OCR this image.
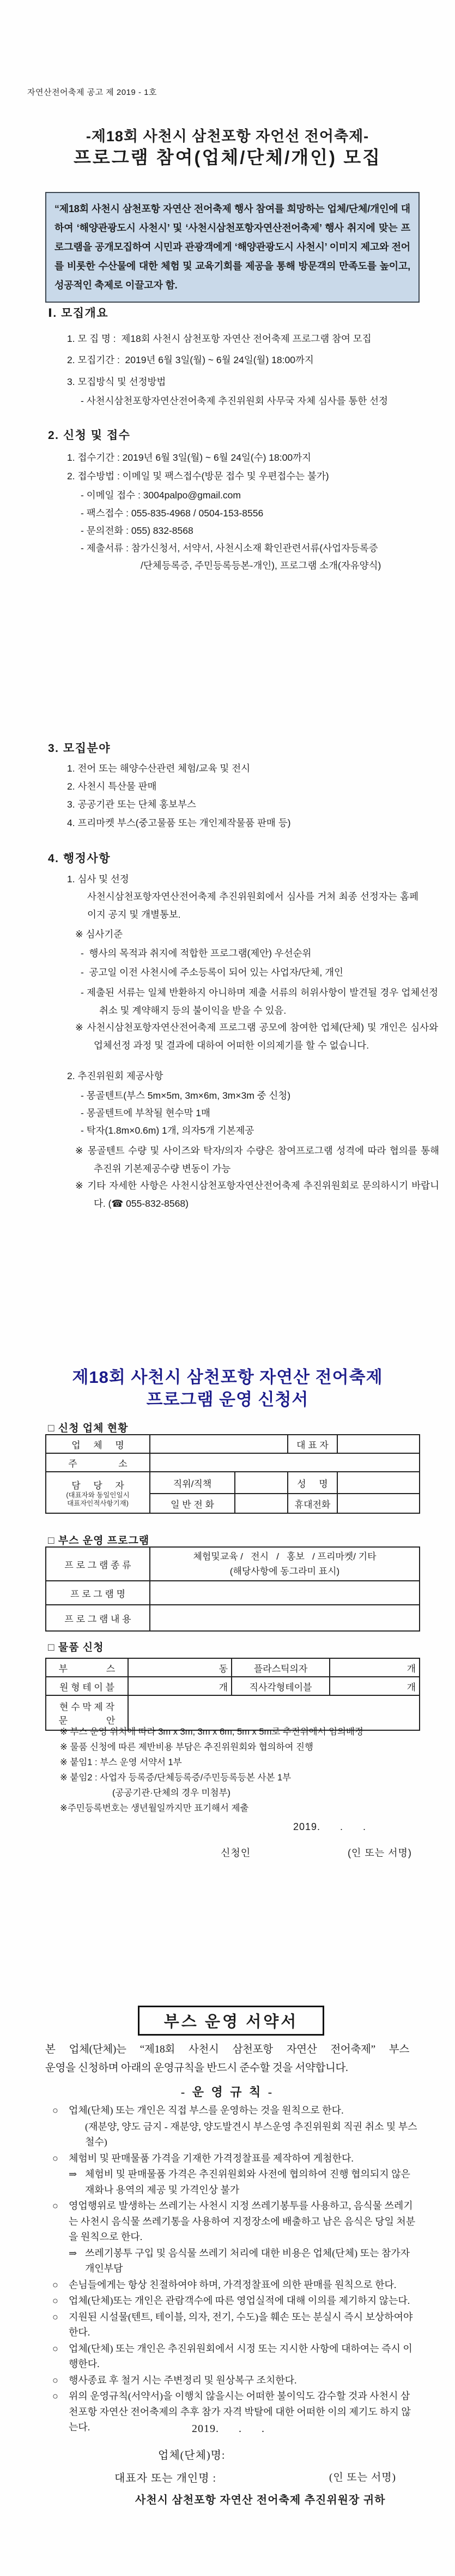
자연산전어축제 공고 제 2019 - 1호
-제18회 사천시 삼천포항 자언선 전어축제-
프로그램 참여(업체/단체/개인) 모집
“제18회 사천시 삼천포항 자연산 전어축제 행사 참여를 희망하는 업체/단체/개인에 대하여 ‘해양관광도시 사천시’ 및 ‘사천시삼천포항자연산전어축제’ 행사 취지에 맞는 프로그램을 공개모집하여 시민과 관광객에게 ‘해양관광도시 사천시’ 이미지 제고와 전어를 비롯한 수산물에 대한 체험 및 교육기회를 제공을 통해 방문객의 만족도를 높이고, 성공적인 축제로 이끌고자 함.
Ⅰ. 모집개요
1. 모 집 명 :  제18회 사천시 삼천포항 자연산 전어축제 프로그램 참여 모집
2. 모집기간 :  2019년 6월 3일(월) ~ 6월 24일(월) 18:00까지
3. 모집방식 및 선정방법
- 사천시삼천포항자연산전어축제 추진위원회 사무국 자체 심사를 통한 선정
2. 신청 및 접수
1. 접수기간 : 2019년 6월 3일(월) ~ 6월 24일(수) 18:00까지
2. 접수방법 : 이메일 및 팩스접수(방문 접수 및 우편접수는 불가)
- 이메일 접수 : 3004palpo@gmail.com
- 팩스접수 : 055-835-4968 / 0504-153-8556
- 문의전화 : 055) 832-8568
- 제출서류 : 참가신청서, 서약서, 사천시소재 확인관련서류(사업자등록증
/단체등록증, 주민등록등본-개인), 프로그램 소개(자유양식)
3. 모집분야
1. 전어 또는 해양수산관련 체험/교육 및 전시
2. 사천시 특산물 판매
3. 공공기관 또는 단체 홍보부스
4. 프리마켓 부스(중고물품 또는 개인제작물품 판매 등)
4. 행정사항
1. 심사 및 선정
사천시삼천포항자연산전어축제 추진위원회에서 심사를 거쳐 최종 선정자는 홈페이지 공지 및 개별통보.
※ 심사기준
-  행사의 목적과 취지에 적합한 프로그램(제안) 우선순위
-  공고일 이전 사천시에 주소등록이 되어 있는 사업자/단체, 개인
- 제출된 서류는 일체 반환하지 아니하며 제출 서류의 허위사항이 발견될 경우 업체선정 취소 및 계약해지 등의 불이익을 받을 수 있음.
※ 사천시삼천포항자연산전어축제 프로그램 공모에 참여한 업체(단체) 및 개인은 심사와 업체선정 과정 및 결과에 대하여 어떠한 이의제기를 할 수 없습니다.
2. 추진위원회 제공사항
- 몽골텐트(부스 5m×5m, 3m×6m, 3m×3m 중 신청)
- 몽골텐트에 부착될 현수막 1매
- 탁자(1.8m×0.6m) 1개, 의자5개 기본제공
※ 몽골텐트 수량 및 사이즈와 탁자/의자 수량은 참여프로그램 성격에 따라 협의를 통해 추진위 기본제공수량 변동이 가능
※ 기타 자세한 사항은 사천시삼천포항자연산전어축제 추진위원회로 문의하시기 바랍니다. (☎ 055-832-8568)
제18회 사천시 삼천포항 자연산 전어축제
프로그램 운영 신청서
□ 신청 업체 현황
업     체     명			대 표 자	
주                소				

담     당     자
(대표자와 동일인일시
대표자인적사항기재)	직위/직책		성     명	
	일 반 전 화		휴대전화	
□ 부스 운영 프로그램
프 로 그 램 종 류	체험및교육 /   전시   /   홍보   / 프리마켓/ 기타
(해당사항에 동그라미 표시)

프 로 그 램 명	
프 로 그 램 내 용	
□ 물품 신청
부               스	동	플라스틱의자	개
원 형 테 이 블	개	직사각형테이블	개

현 수 막 제 작
문               안			

※ 부스 운영 위치에 따라 3m x 3m, 3m x 6m, 5m x 5m로 추진위에서 임의배정
※ 물품 신청에 따른 제반비용 부담은 추진위원회와 협의하여 진행
※ 붙임1 : 부스 운영 서약서 1부
※ 붙임2 : 사업자 등록증/단체등록증/주민등록등본 사본 1부
(공공기관·단체의 경우 미첨부)
※주민등록번호는 생년월일까지만 표기해서 제출
2019.      .      .
신청인	(인 또는 서명)
부스 운영 서약서
본 업체(단체)는 “제18회 사천시 삼천포항 자연산 전어축제” 부스
운영을 신청하며 아래의 운영규칙을 반드시 준수할 것을 서약합니다.
- 운 영 규 칙 -
○ 업체(단체) 또는 개인은 직접 부스를 운영하는 것을 원칙으로 한다.
(재분양, 양도 금지 - 재분양, 양도발견시 부스운영 추진위원회 직권 취소 및 부스 철수)
○ 체험비 및 판매물품 가격을 기재한 가격정찰표를 제작하여 게첨한다.
⇒ 체험비 및 판매물품 가격은 추진위원회와 사전에 협의하여 진행 협의되지 않은 재화나 용역의 제공 및 가격인상 불가
○ 영업행위로 발생하는 쓰레기는 사천시 지정 쓰레기봉투를 사용하고, 음식물 쓰레기는 사천시 음식물 쓰레기통을 사용하여 지정장소에 배출하고 남은 음식은 당일 처분을 원칙으로 한다.
⇒ 쓰레기봉투 구입 및 음식물 쓰레기 처리에 대한 비용은 업체(단체) 또는 참가자 개인부담
○ 손님들에게는 항상 친절하여야 하며, 가격정찰표에 의한 판매를 원칙으로 한다.
○ 업체(단체)또는 개인은 관람객수에 따른 영업실적에 대해 이의를 제기하지 않는다.
○ 지원된 시설물(텐트, 테이블, 의자, 전기, 수도)을 훼손 또는 분실시 즉시 보상하여야 한다.
○ 업체(단체) 또는 개인은 추진위원회에서 시정 또는 지시한 사항에 대하여는 즉시 이행한다.
○ 행사종료 후 철거 시는 주변정리 및 원상복구 조치한다.
○ 위의 운영규칙(서약서)을 이행치 않을시는 어떠한 불이익도 감수할 것과 사천시 삼천포항 자연산 전어축제의 추후 참가 자격 박탈에 대한 어떠한 이의 제기도 하지 않는다.	2019.      .      .
업체(단체)명:
대표자 또는 개인명 :	(인 또는 서명)
사천시 삼천포항 자연산 전어축제 추진위원장 귀하
